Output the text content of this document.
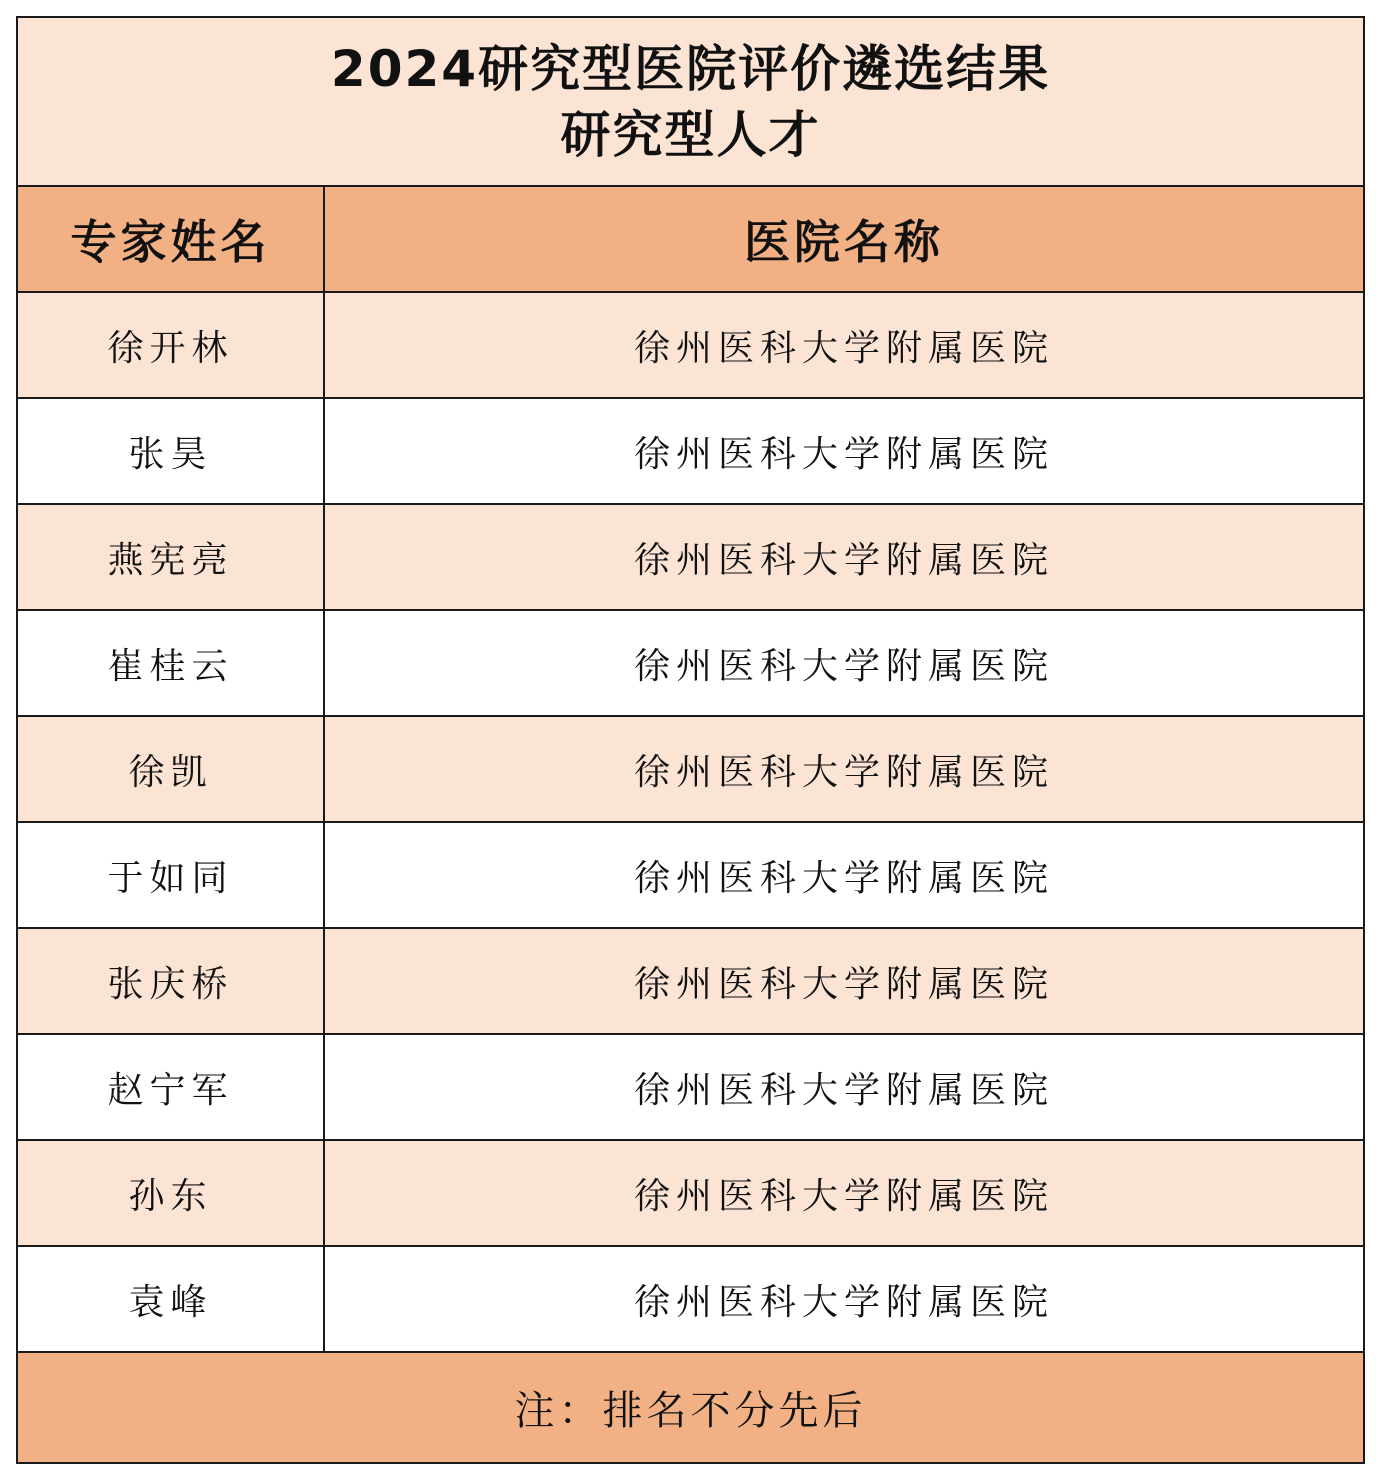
2024研究型医院评价遴选结果
研究型人才	

专家姓名	医院名称
徐开林	徐州医科大学附属医院
张昊	徐州医科大学附属医院
燕宪亮	徐州医科大学附属医院
崔桂云	徐州医科大学附属医院
徐凯	徐州医科大学附属医院
于如同	徐州医科大学附属医院
张庆桥	徐州医科大学附属医院
赵宁军	徐州医科大学附属医院
孙东	徐州医科大学附属医院
袁峰	徐州医科大学附属医院
注：排名不分先后	
